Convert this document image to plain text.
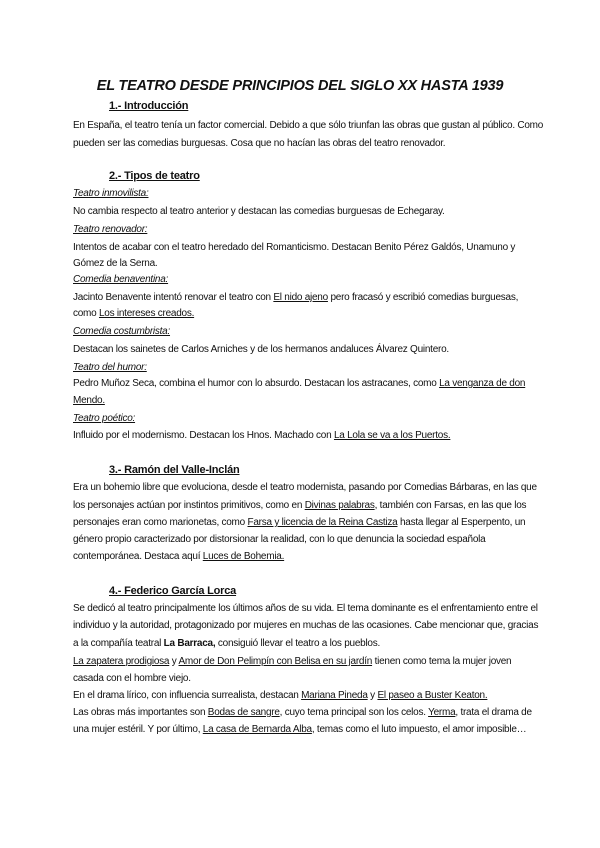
EL TEATRO DESDE PRINCIPIOS DEL SIGLO XX HASTA 1939
1.- Introducción
En España, el teatro tenía un factor comercial. Debido a que sólo triunfan las obras que gustan al público. Como
pueden ser las comedias burguesas. Cosa que no hacían las obras del teatro renovador.
2.- Tipos de teatro
Teatro inmovilista:
No cambia respecto al teatro anterior y destacan las comedias burguesas de Echegaray.
Teatro renovador:
Intentos de acabar con el teatro heredado del Romanticismo. Destacan Benito Pérez Galdós, Unamuno y
Gómez de la Serna.
Comedia benaventina:
Jacinto Benavente intentó renovar el teatro con El nido ajeno pero fracasó y escribió comedias burguesas,
como Los intereses creados.
Comedia costumbrista:
Destacan los sainetes de Carlos Arniches y de los hermanos andaluces Álvarez Quintero.
Teatro del humor:
Pedro Muñoz Seca, combina el humor con lo absurdo. Destacan los astracanes, como La venganza de don
Mendo.
Teatro poético:
Influido por el modernismo. Destacan los Hnos. Machado con La Lola se va a los Puertos.
3.- Ramón del Valle-Inclán
Era un bohemio libre que evoluciona, desde el teatro modernista, pasando por Comedias Bárbaras, en las que
los personajes actúan por instintos primitivos, como en Divinas palabras, también con Farsas, en las que los
personajes eran como marionetas, como Farsa y licencia de la Reina Castiza hasta llegar al Esperpento, un
género propio caracterizado por distorsionar la realidad, con lo que denuncia la sociedad española
contemporánea. Destaca aquí Luces de Bohemia.
4.- Federico García Lorca
Se dedicó al teatro principalmente los últimos años de su vida. El tema dominante es el enfrentamiento entre el
individuo y la autoridad, protagonizado por mujeres en muchas de las ocasiones. Cabe mencionar que, gracias
a la compañía teatral La Barraca, consiguió llevar el teatro a los pueblos.
La zapatera prodigiosa y Amor de Don Pelimpín con Belisa en su jardín tienen como tema la mujer joven
casada con el hombre viejo.
En el drama lírico, con influencia surrealista, destacan Mariana Pineda y El paseo a Buster Keaton.
Las obras más importantes son Bodas de sangre, cuyo tema principal son los celos. Yerma, trata el drama de
una mujer estéril. Y por último, La casa de Bernarda Alba, temas como el luto impuesto, el amor imposible…
